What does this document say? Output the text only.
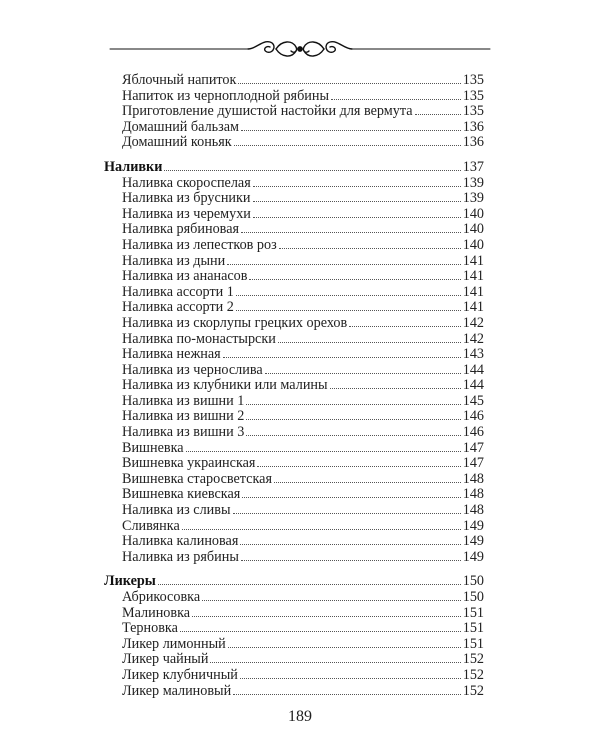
Яблочный напиток	135
Напиток из черноплодной рябины	135
Приготовление душистой настойки для вермута	135
Домашний бальзам	136
Домашний коньяк	136
Наливки	137
Наливка скороспелая	139
Наливка из брусники	139
Наливка из черемухи	140
Наливка рябиновая	140
Наливка из лепестков роз	140
Наливка из дыни	141
Наливка из ананасов	141
Наливка ассорти 1	141
Наливка ассорти 2	141
Наливка из скорлупы грецких орехов	142
Наливка по-монастырски	142
Наливка нежная	143
Наливка из чернослива	144
Наливка из клубники или малины	144
Наливка из вишни 1	145
Наливка из вишни 2	146
Наливка из вишни 3	146
Вишневка	147
Вишневка украинская	147
Вишневка старосветская	148
Вишневка киевская	148
Наливка из сливы	148
Сливянка	149
Наливка калиновая	149
Наливка из рябины	149
Ликеры	150
Абрикосовка	150
Малиновка	151
Терновка	151
Ликер лимонный	151
Ликер чайный	152
Ликер клубничный	152
Ликер малиновый	152
189
